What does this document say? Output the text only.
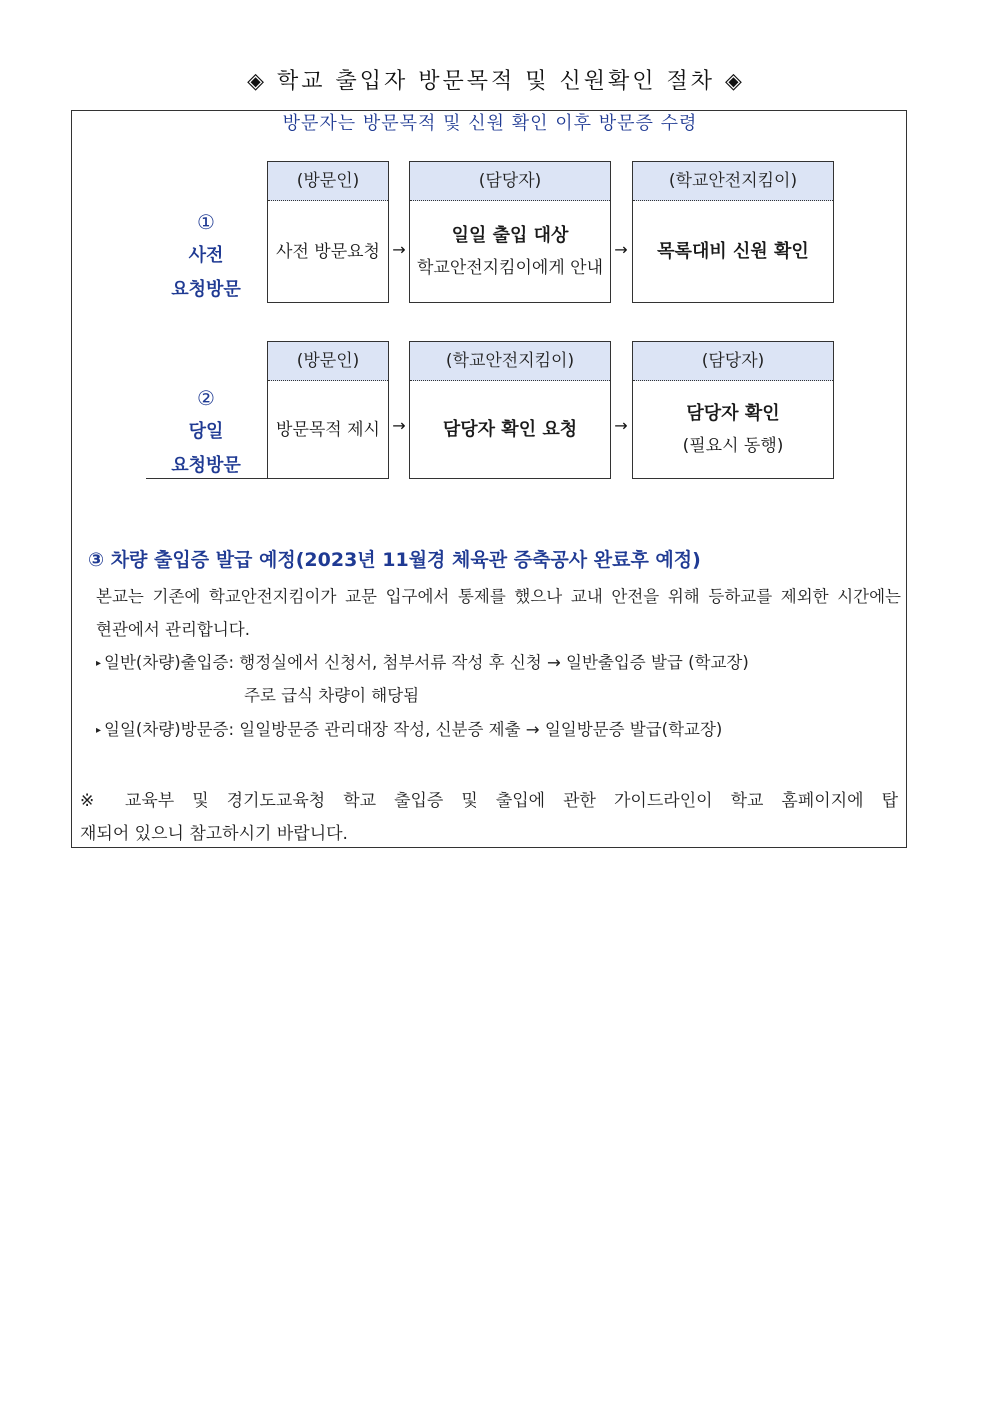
◈ 학교 출입자 방문목적 및 신원확인 절차 ◈
방문자는 방문목적 및 신원 확인 이후 방문증 수령
①
사전
요청방문
(방문인)
사전 방문요청 →
(담당자)
일일 출입 대상
학교안전지킴이에게 안내
→
(학교안전지킴이)
목록대비 신원 확인
②
당일
요청방문
(방문인)
방문목적 제시 →
(학교안전지킴이)
담당자 확인 요청 →
(담당자)
담당자 확인
(필요시 동행)
③ 차량 출입증 발급 예정(2023년 11월경 체육관 증축공사 완료후 예정)
본교는 기존에 학교안전지킴이가 교문 입구에서 통제를 했으나 교내 안전을 위해 등하교를 제외한 시간에는
현관에서 관리합니다.
▸ 일반(차량)출입증: 행정실에서 신청서, 첨부서류 작성 후 신청 → 일반출입증 발급 (학교장)
주로 급식 차량이 해당됨
▸ 일일(차량)방문증: 일일방문증 관리대장 작성, 신분증 제출 → 일일방문증 발급(학교장)
※ 교육부 및 경기도교육청 학교 출입증 및 출입에 관한 가이드라인이 학교 홈페이지에 탑
재되어 있으니 참고하시기 바랍니다.
